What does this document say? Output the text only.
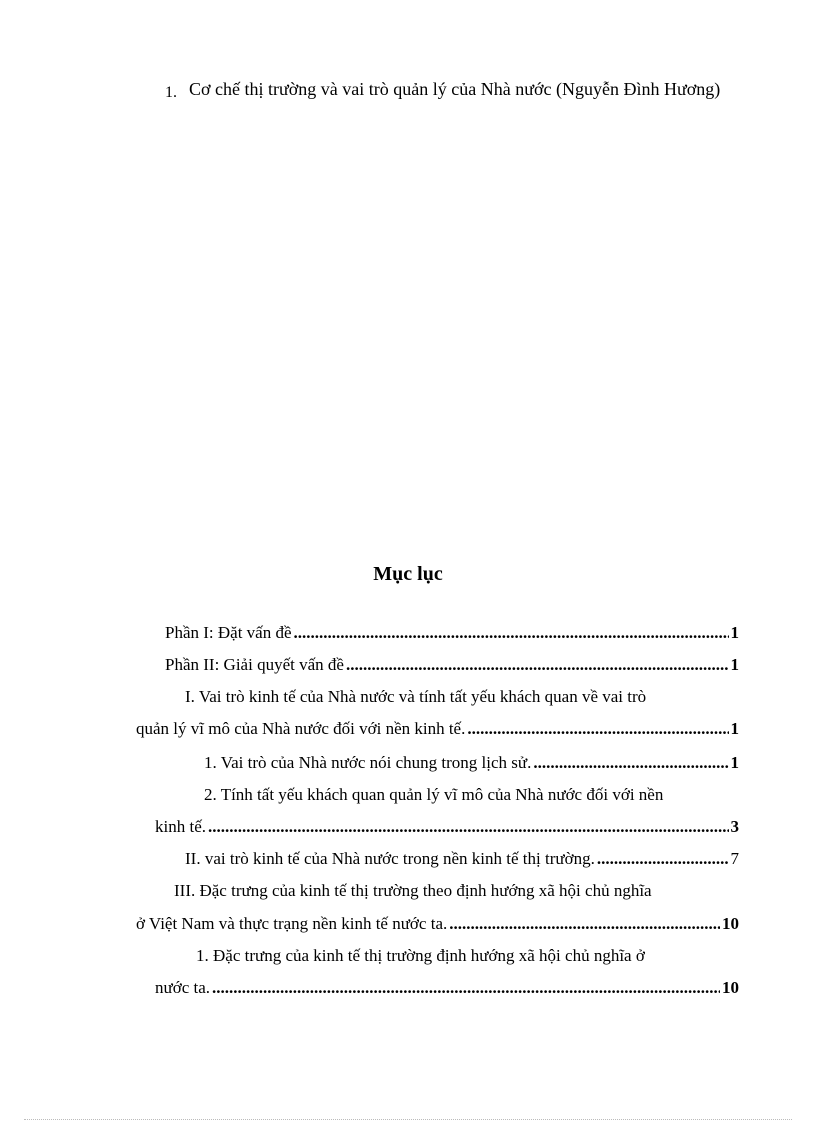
1. Cơ chế thị trường và vai trò quản lý của Nhà nước (Nguyễn Đình Hương)
Mục lục
Phần I: Đặt vấn đề .....	1
Phần II: Giải quyết vấn đề .....	1
I. Vai trò kinh tế của Nhà nước và tính tất yếu khách quan về vai trò
quản lý vĩ mô của Nhà nước đối với nền kinh tế. .....	1
1. Vai trò của Nhà nước nói chung trong lịch sử. .....	1
2. Tính tất yếu khách quan quản lý vĩ mô của Nhà nước đối với nền
kinh tế. .....	3
II. vai trò kinh tế của Nhà nước trong nền kinh tế thị trường. .....	7
III. Đặc trưng của kinh tế thị trường theo định hướng xã hội chủ nghĩa
ở Việt Nam và thực trạng nền kinh tế nước ta. .....	10
1. Đặc trưng của kinh tế thị trường định hướng xã hội chủ nghĩa ở
nước ta. .....	10
